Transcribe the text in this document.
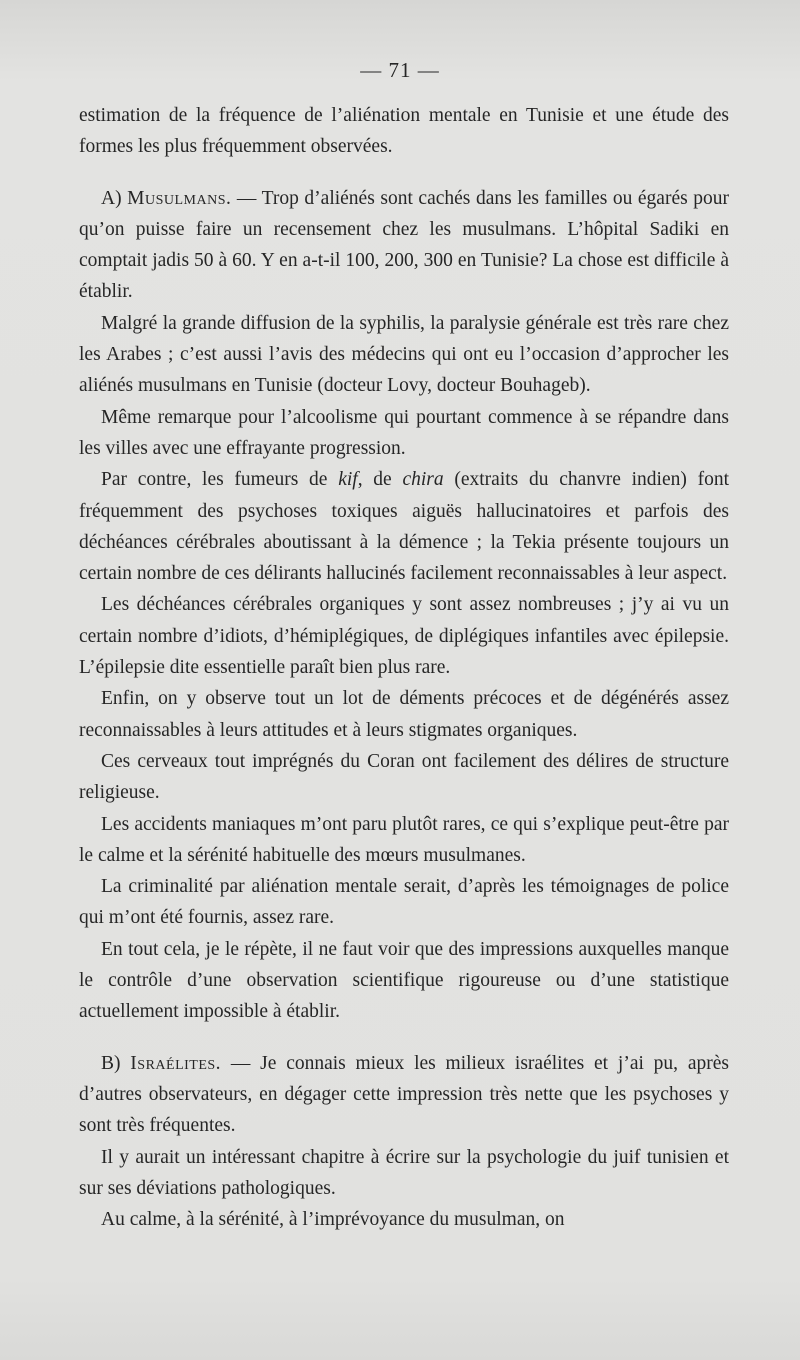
— 71 —

estimation de la fréquence de l’aliénation mentale en Tunisie et une étude des formes les plus fréquemment observées.

A) Musulmans. — Trop d’aliénés sont cachés dans les familles ou égarés pour qu’on puisse faire un recensement chez les musulmans. L’hôpital Sadiki en comptait jadis 50 à 60. Y en a-t-il 100, 200, 300 en Tunisie? La chose est difficile à établir.

Malgré la grande diffusion de la syphilis, la paralysie générale est très rare chez les Arabes ; c’est aussi l’avis des médecins qui ont eu l’occasion d’approcher les aliénés musulmans en Tunisie (docteur Lovy, docteur Bouhageb).

Même remarque pour l’alcoolisme qui pourtant commence à se répandre dans les villes avec une effrayante progression.

Par contre, les fumeurs de kif, de chira (extraits du chanvre indien) font fréquemment des psychoses toxiques aiguës hallucinatoires et parfois des déchéances cérébrales aboutissant à la démence ; la Tekia présente toujours un certain nombre de ces délirants hallucinés facilement reconnaissables à leur aspect.

Les déchéances cérébrales organiques y sont assez nombreuses ; j’y ai vu un certain nombre d’idiots, d’hémiplégiques, de diplégiques infantiles avec épilepsie. L’épilepsie dite essentielle paraît bien plus rare.

Enfin, on y observe tout un lot de déments précoces et de dégénérés assez reconnaissables à leurs attitudes et à leurs stigmates organiques.

Ces cerveaux tout imprégnés du Coran ont facilement des délires de structure religieuse.

Les accidents maniaques m’ont paru plutôt rares, ce qui s’explique peut-être par le calme et la sérénité habituelle des mœurs musulmanes.

La criminalité par aliénation mentale serait, d’après les témoignages de police qui m’ont été fournis, assez rare.

En tout cela, je le répète, il ne faut voir que des impressions auxquelles manque le contrôle d’une observation scientifique rigoureuse ou d’une statistique actuellement impossible à établir.

B) Israélites. — Je connais mieux les milieux israélites et j’ai pu, après d’autres observateurs, en dégager cette impression très nette que les psychoses y sont très fréquentes.

Il y aurait un intéressant chapitre à écrire sur la psychologie du juif tunisien et sur ses déviations pathologiques.

Au calme, à la sérénité, à l’imprévoyance du musulman, on
